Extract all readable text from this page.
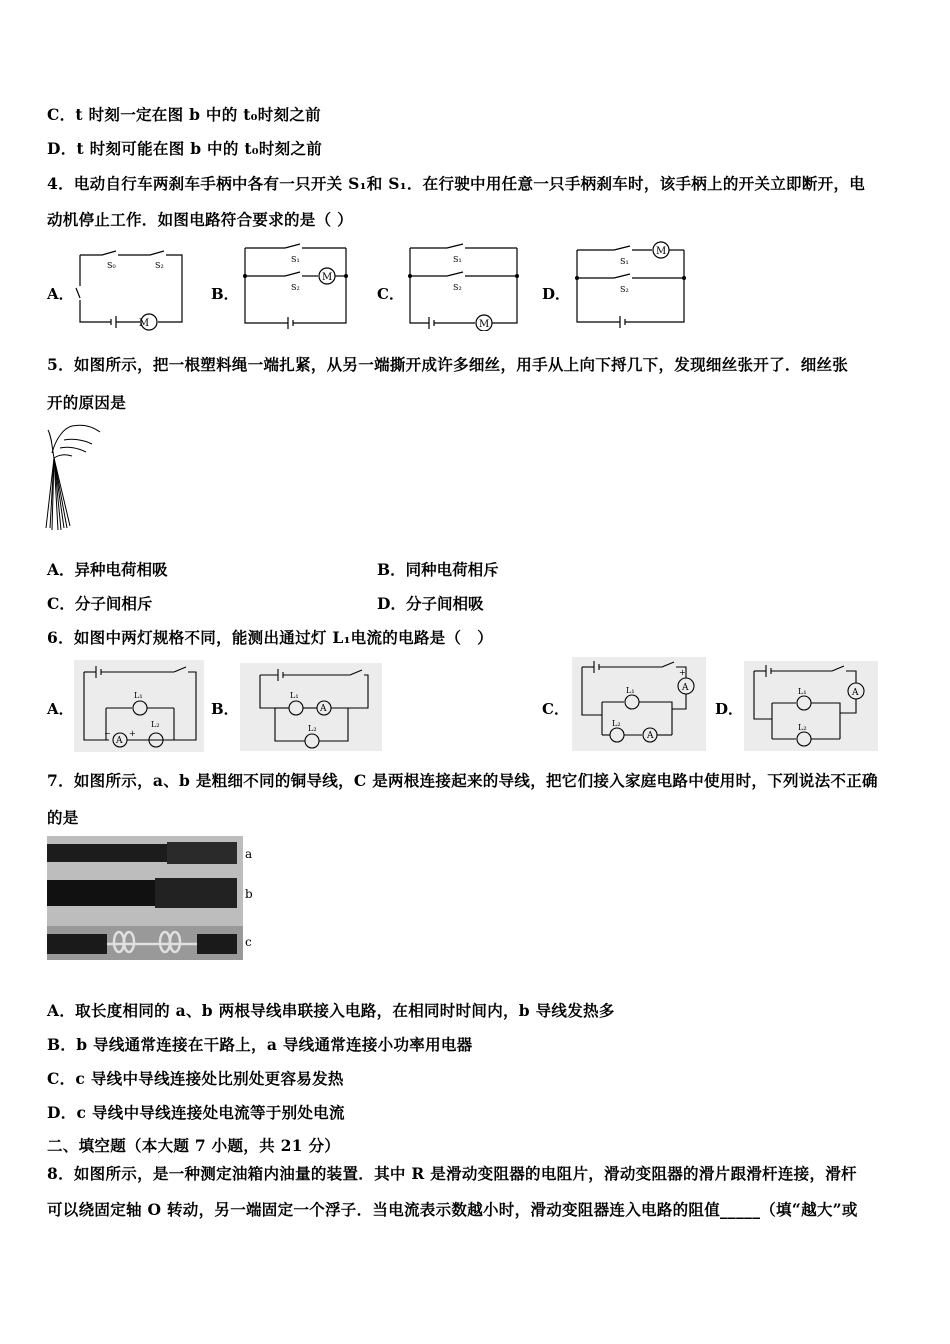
C．t 时刻一定在图 b 中的 t₀时刻之前
D．t 时刻可能在图 b 中的 t₀时刻之前
4．电动自行车两刹车手柄中各有一只开关 S₁和 S₁．在行驶中用任意一只手柄刹车时，该手柄上的开关立即断开，电
动机停止工作．如图电路符合要求的是（ ）
A．	B．	C．	D．
M
S₀	S₂
M
S₁
S₂
M
S₁
S₂
M
S₁
S₂
5．如图所示，把一根塑料绳一端扎紧，从另一端撕开成许多细丝，用手从上向下捋几下，发现细丝张开了．细丝张
开的原因是
A．异种电荷相吸	B．同种电荷相斥
C．分子间相斥	D．分子间相吸
6．如图中两灯规格不同，能测出通过灯 L₁电流的电路是（　）
A．	B．	C．	D．
L₁
L₂
A
− +
L₁
A
L₂
A
A
L₁
L₂
+
A
L₁
L₂
7．如图所示，a、b 是粗细不同的铜导线，C 是两根连接起来的导线，把它们接入家庭电路中使用时，下列说法不正确
的是
a
b
c
A．取长度相同的 a、b 两根导线串联接入电路，在相同时时间内，b 导线发热多
B．b 导线通常连接在干路上，a 导线通常连接小功率用电器
C．c 导线中导线连接处比别处更容易发热
D．c 导线中导线连接处电流等于别处电流
二、填空题（本大题 7 小题，共 21 分）
8．如图所示，是一种测定油箱内油量的装置．其中 R 是滑动变阻器的电阻片，滑动变阻器的滑片跟滑杆连接，滑杆
可以绕固定轴 O 转动，另一端固定一个浮子．当电流表示数越小时，滑动变阻器连入电路的阻值_____（填“越大”或
